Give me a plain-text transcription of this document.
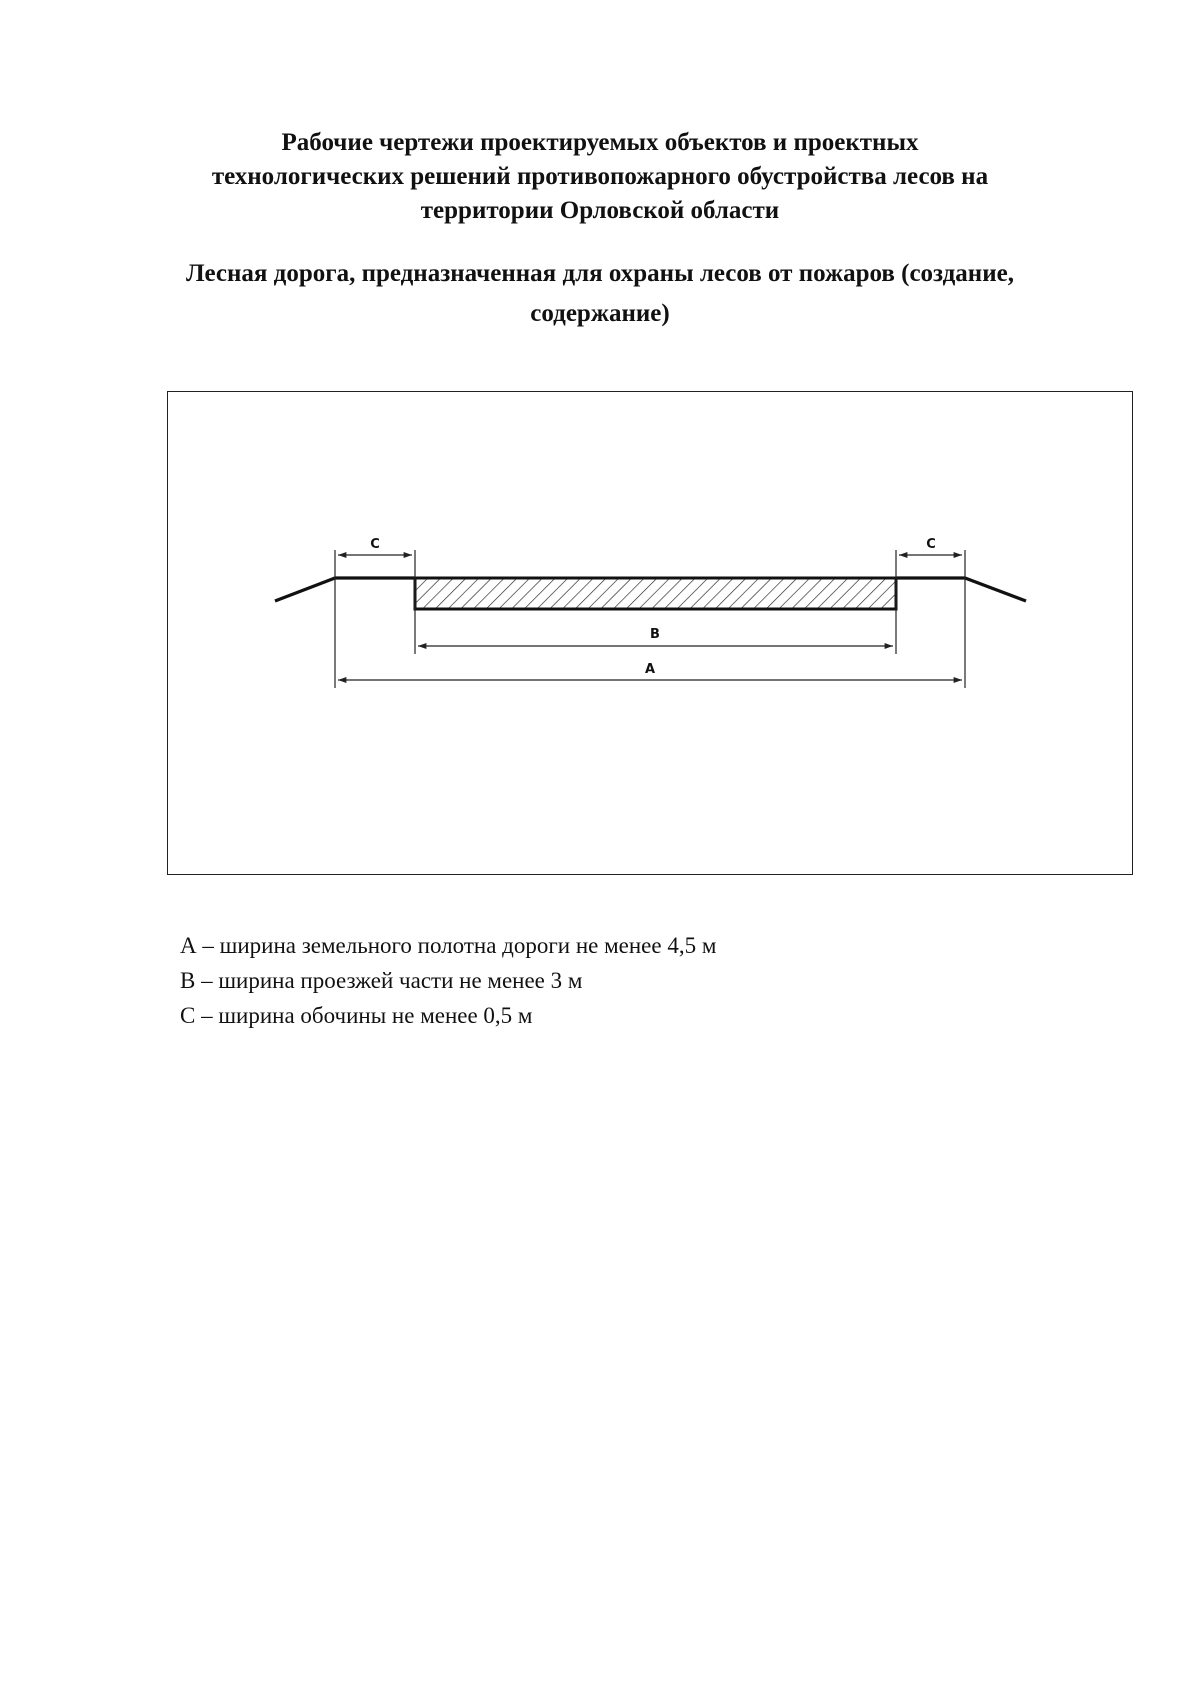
Рабочие чертежи проектируемых объектов и проектных
технологических решений противопожарного обустройства лесов на
территории Орловской области
Лесная дорога, предназначенная для охраны лесов от пожаров (создание,
содержание)
C	C
B
A
А – ширина земельного полотна дороги не менее 4,5 м
В – ширина проезжей части не менее 3 м
С – ширина обочины не менее 0,5 м
